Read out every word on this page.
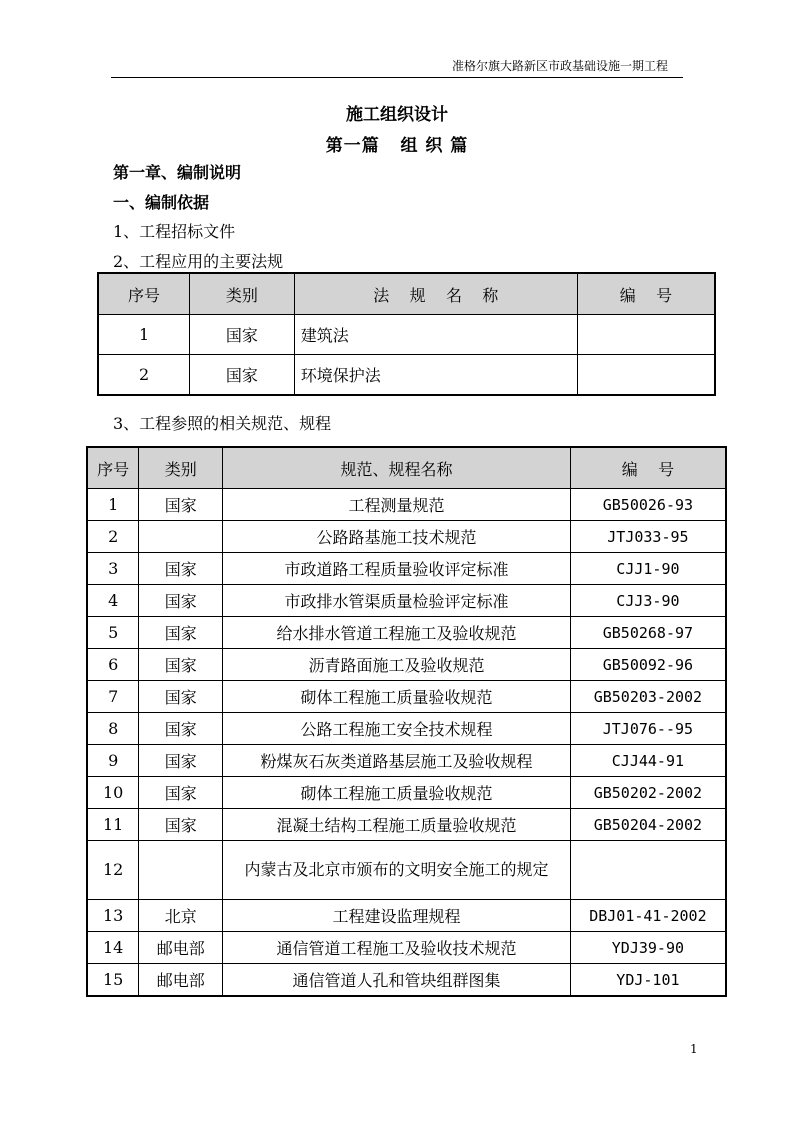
准格尔旗大路新区市政基础设施一期工程
施工组织设计
第一篇   组 织 篇
第一章、编制说明
一、编制依据
1、工程招标文件
2、工程应用的主要法规
序号	类别	法    规    名    称	编    号
1	国家	建筑法	
2	国家	环境保护法	
3、工程参照的相关规范、规程
序号	类别	规范、规程名称	编    号
1	国家	工程测量规范	GB50026-93
2		公路路基施工技术规范	JTJ033-95
3	国家	市政道路工程质量验收评定标准	CJJ1-90
4	国家	市政排水管渠质量检验评定标准	CJJ3-90
5	国家	给水排水管道工程施工及验收规范	GB50268-97
6	国家	沥青路面施工及验收规范	GB50092-96
7	国家	砌体工程施工质量验收规范	GB50203-2002
8	国家	公路工程施工安全技术规程	JTJ076--95
9	国家	粉煤灰石灰类道路基层施工及验收规程	CJJ44-91
10	国家	砌体工程施工质量验收规范	GB50202-2002
11	国家	混凝土结构工程施工质量验收规范	GB50204-2002
12		内蒙古及北京市颁布的文明安全施工的规定	
13	北京	工程建设监理规程	DBJ01-41-2002
14	邮电部	通信管道工程施工及验收技术规范	YDJ39-90
15	邮电部	通信管道人孔和管块组群图集	YDJ-101
1
